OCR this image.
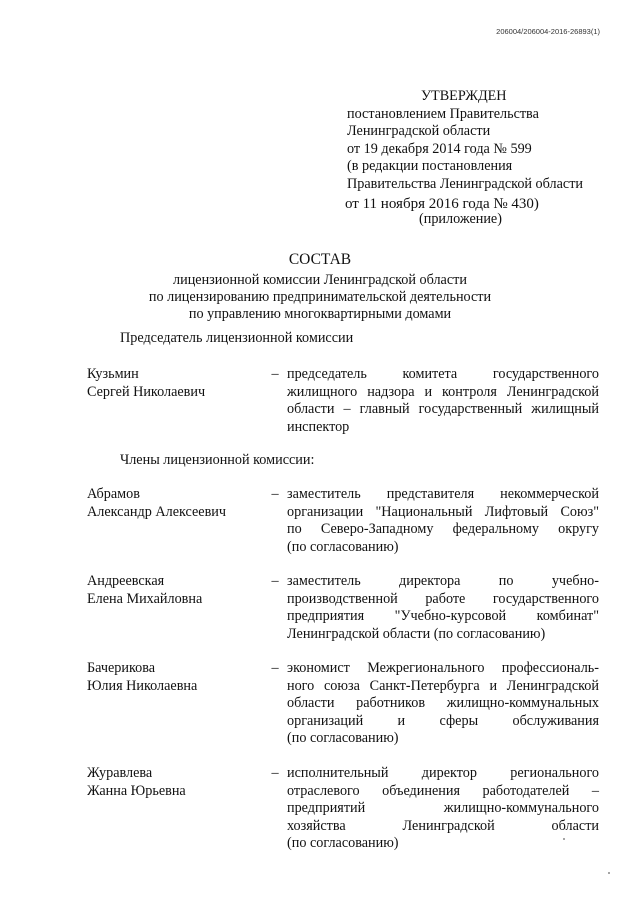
206004/206004-2016-26893(1)
УТВЕРЖДЕН
постановлением Правительства
Ленинградской области
от 19 декабря 2014 года № 599
(в редакции постановления
Правительства Ленинградской области
от 11 ноября 2016 года № 430)
(приложение)
СОСТАВ
лицензионной комиссии Ленинградской области
по лицензированию предпринимательской деятельности
по управлению многоквартирными домами
Председатель лицензионной комиссии
Кузьмин
Сергей Николаевич
– председатель комитета государственного
жилищного надзора и контроля Ленинградской
области – главный государственный жилищный
инспектор
Члены лицензионной комиссии:
Абрамов
Александр Алексеевич
– заместитель представителя некоммерческой
организации "Национальный Лифтовый Союз"
по Северо-Западному федеральному округу
(по согласованию)
Андреевская
Елена Михайловна
– заместитель директора по учебно-
производственной работе государственного
предприятия "Учебно-курсовой комбинат"
Ленинградской области (по согласованию)
Бачерикова
Юлия Николаевна
– экономист Межрегионального профессиональ-
ного союза Санкт-Петербурга и Ленинградской
области работников жилищно-коммунальных
организаций и сферы обслуживания
(по согласованию)
Журавлева
Жанна Юрьевна
– исполнительный директор регионального
отраслевого объединения работодателей –
предприятий жилищно-коммунального
хозяйства Ленинградской области
(по согласованию)
